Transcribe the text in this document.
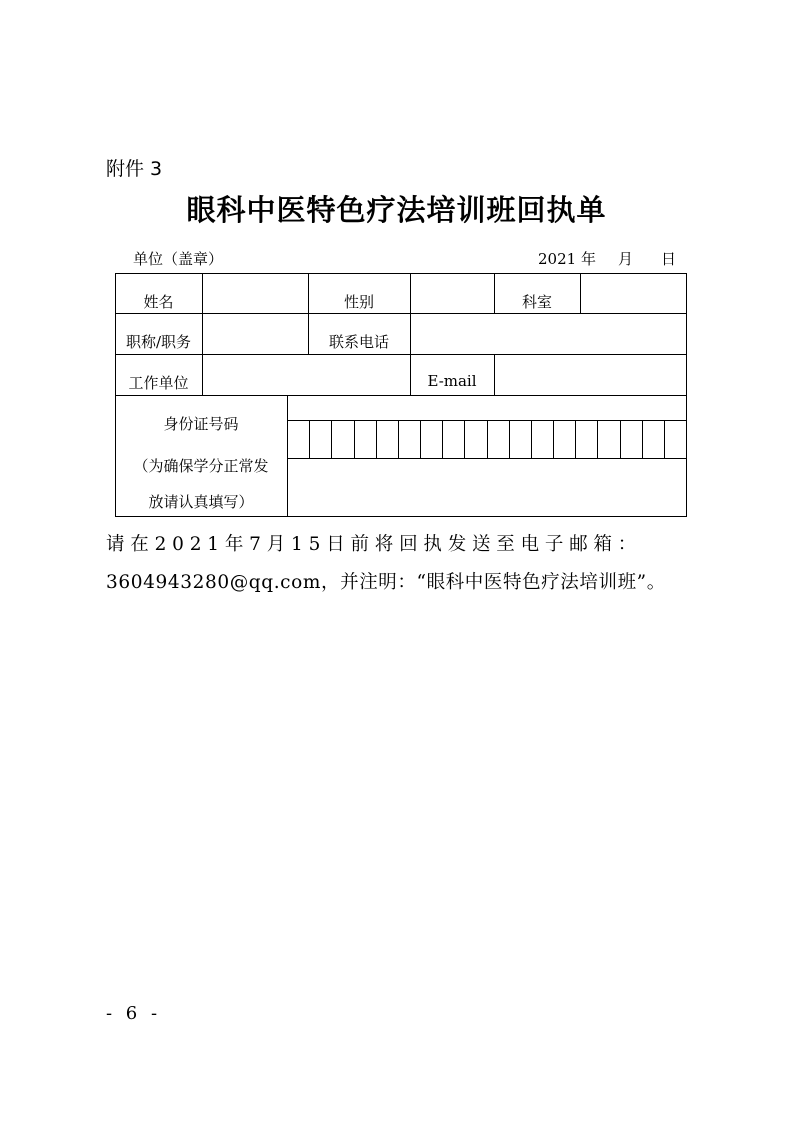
附件 3
眼科中医特色疗法培训班回执单
单位（盖章）	2021 年 月 日
姓名	性别	科室
职称/职务	联系电话
工作单位	E-mail
身份证号码
（为确保学分正常发
放请认真填写）
请在2021年7月15日前将回执发送至电子邮箱：
3604943280@qq.com，并注明：“眼科中医特色疗法培训班”。
- 6 -
